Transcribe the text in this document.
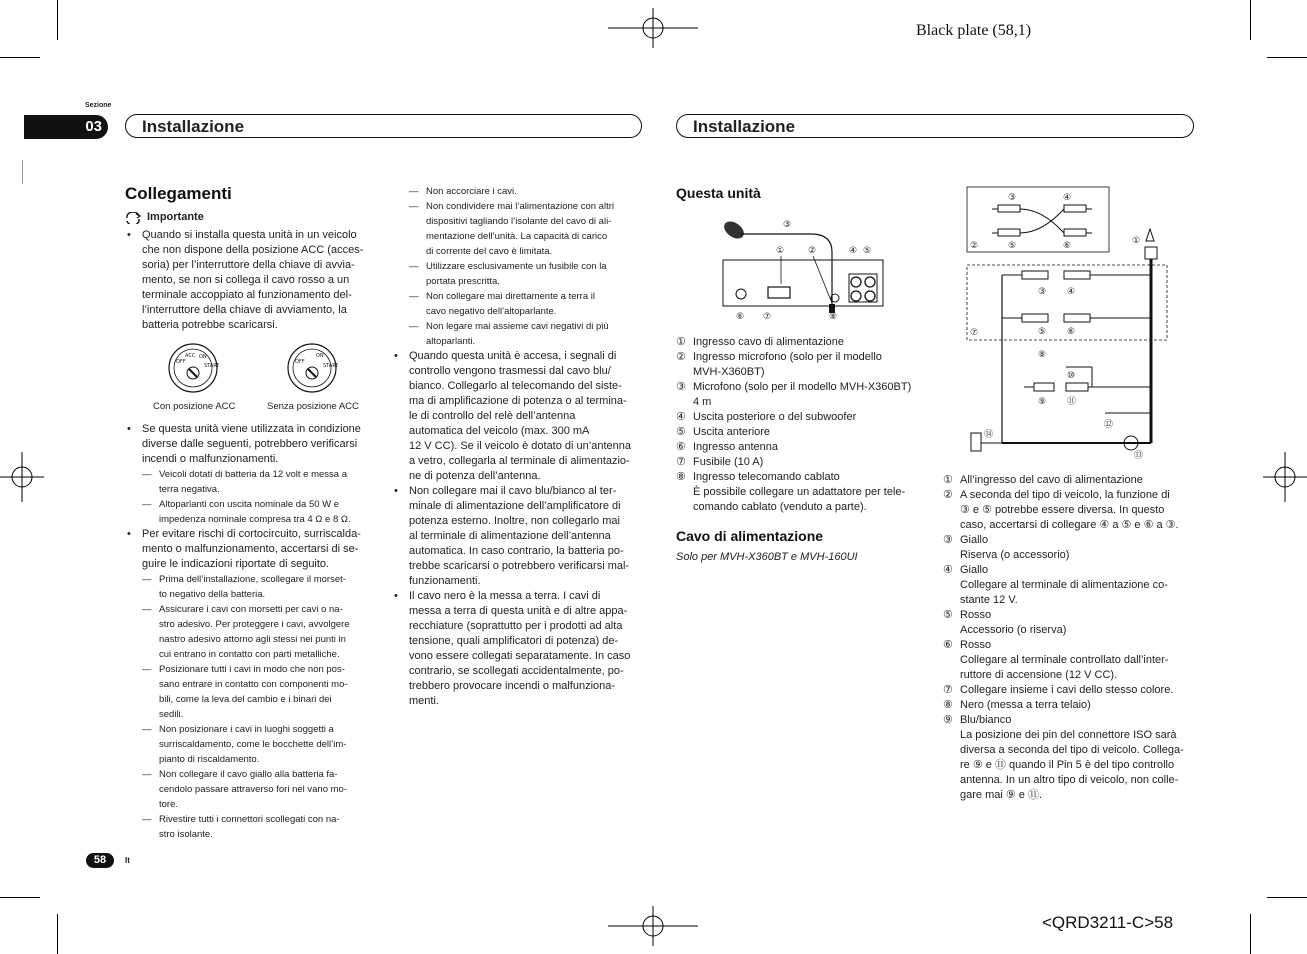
Black plate (58,1)
Sezione
03	Installazione	Installazione
Collegamenti
Importante

• Quando si installa questa unità in un veicolo

che non dispone della posizione ACC (acces-

soria) per l’interruttore della chiave di avvia-

mento, se non si collega il cavo rosso a un

terminale accoppiato al funzionamento del-

l’interruttore della chiave di avviamento, la

batteria potrebbe scaricarsi.

OFF
ACC ON
START
OFF
ON
START
Con posizione ACC	Senza posizione ACC

• Se questa unità viene utilizzata in condizione

diverse dalle seguenti, potrebbero verificarsi

incendi o malfunzionamenti.

— Veicoli dotati di batteria da 12 volt e messa a

terra negativa.

— Altoparlanti con uscita nominale da 50 W e

impedenza nominale compresa tra 4 Ω e 8 Ω.

• Per evitare rischi di cortocircuito, surriscalda-

mento o malfunzionamento, accertarsi di se-

guire le indicazioni riportate di seguito.

— Prima dell’installazione, scollegare il morset-

to negativo della batteria.

— Assicurare i cavi con morsetti per cavi o na-

stro adesivo. Per proteggere i cavi, avvolgere

nastro adesivo attorno agli stessi nei punti in

cui entrano in contatto con parti metalliche.

— Posizionare tutti i cavi in modo che non pos-

sano entrare in contatto con componenti mo-

bili, come la leva del cambio e i binari dei

sedili.

— Non posizionare i cavi in luoghi soggetti a

surriscaldamento, come le bocchette dell’im-

pianto di riscaldamento.

— Non collegare il cavo giallo alla batteria fa-

cendolo passare attraverso fori nel vano mo-

tore.

— Rivestire tutti i connettori scollegati con na-

stro isolante.

— Non accorciare i cavi.

— Non condividere mai l’alimentazione con altri

dispositivi tagliando l’isolante del cavo di ali-

mentazione dell’unità. La capacità di carico

di corrente del cavo è limitata.

— Utilizzare esclusivamente un fusibile con la

portata prescritta.

— Non collegare mai direttamente a terra il

cavo negativo dell’altoparlante.

— Non legare mai assieme cavi negativi di più

altoparlanti.

• Quando questa unità è accesa, i segnali di

controllo vengono trasmessi dal cavo blu/

bianco. Collegarlo al telecomando del siste-

ma di amplificazione di potenza o al termina-

le di controllo del relè dell’antenna

automatica del veicolo (max. 300 mA

12 V CC). Se il veicolo è dotato di un’antenna

a vetro, collegarla al terminale di alimentazio-

ne di potenza dell’antenna.

• Non collegare mai il cavo blu/bianco al ter-

minale di alimentazione dell’amplificatore di

potenza esterno. Inoltre, non collegarlo mai

al terminale di alimentazione dell’antenna

automatica. In caso contrario, la batteria po-

trebbe scaricarsi o potrebbero verificarsi mal-

funzionamenti.

• Il cavo nero è la messa a terra. I cavi di

messa a terra di questa unità e di altre appa-

recchiature (soprattutto per i prodotti ad alta

tensione, quali amplificatori di potenza) de-

vono essere collegati separatamente. In caso

contrario, se scollegati accidentalmente, po-

trebbero provocare incendi o malfunziona-

menti.

Questa unità
③
①	②	④ ⑤
⑥ ⑦	⑧
① Ingresso cavo di alimentazione

② Ingresso microfono (solo per il modello

MVH-X360BT)

③ Microfono (solo per il modello MVH-X360BT)

4 m

④ Uscita posteriore o del subwoofer

⑤ Uscita anteriore

⑥ Ingresso antenna

⑦ Fusibile (10 A)

⑧ Ingresso telecomando cablato

È possibile collegare un adattatore per tele-

comando cablato (venduto a parte).

Cavo di alimentazione
Solo per MVH-X360BT e MVH-160UI
③	④
②	⑤	⑥	①
⑦
③ ④
⑤ ⑥
⑧
⑩
⑨ ⑪
⑫
⑬
⑭
① All’ingresso del cavo di alimentazione

② A seconda del tipo di veicolo, la funzione di

③ e ⑤ potrebbe essere diversa. In questo

caso, accertarsi di collegare ④ a ⑤ e ⑥ a ③.

③ Giallo

Riserva (o accessorio)

④ Giallo

Collegare al terminale di alimentazione co-

stante 12 V.

⑤ Rosso

Accessorio (o riserva)

⑥ Rosso

Collegare al terminale controllato dall’inter-

ruttore di accensione (12 V CC).

⑦ Collegare insieme i cavi dello stesso colore.

⑧ Nero (messa a terra telaio)

⑨ Blu/bianco

La posizione dei pin del connettore ISO sarà

diversa a seconda del tipo di veicolo. Collega-

re ⑨ e ⑪ quando il Pin 5 è del tipo controllo

antenna. In un altro tipo di veicolo, non colle-

gare mai ⑨ e ⑪.

58	It
<QRD3211-C>58
